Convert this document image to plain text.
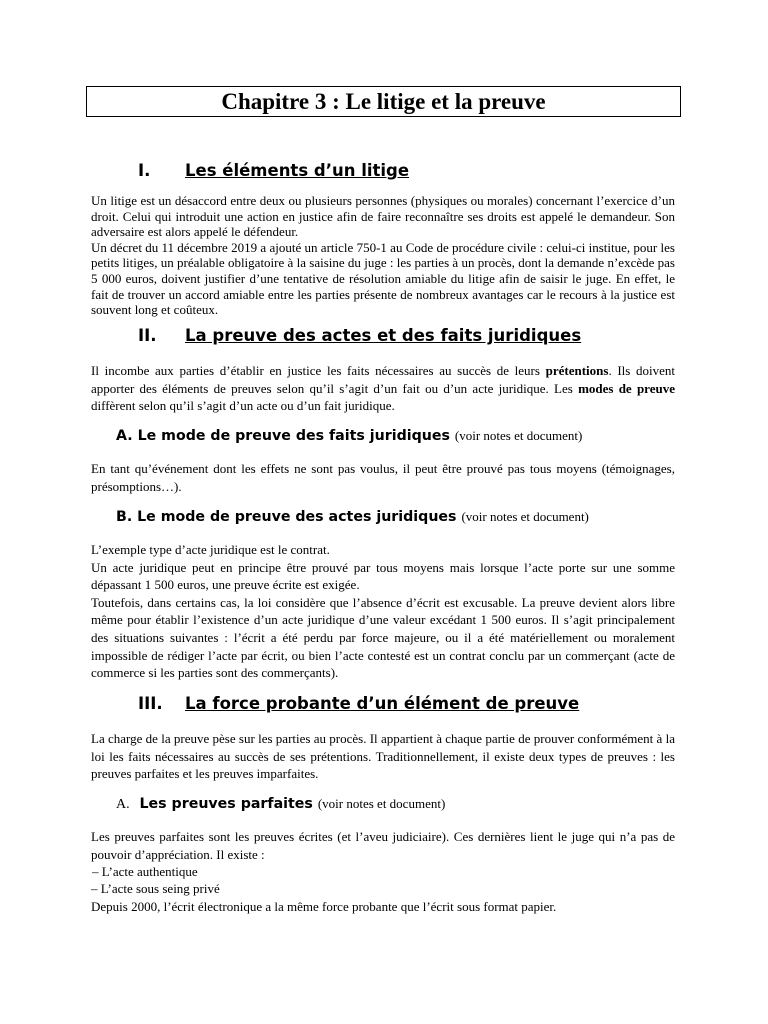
Chapitre 3 : Le litige et la preuve
I. Les éléments d’un litige

Un litige est un désaccord entre deux ou plusieurs personnes (physiques ou morales) concernant l’exercice d’un droit. Celui qui introduit une action en justice afin de faire reconnaître ses droits est appelé le demandeur. Son adversaire est alors appelé le défendeur.

Un décret du 11 décembre 2019 a ajouté un article 750-1 au Code de procédure civile : celui-ci institue, pour les petits litiges, un préalable obligatoire à la saisine du juge : les parties à un procès, dont la demande n’excède pas 5 000 euros, doivent justifier d’une tentative de résolution amiable du litige afin de saisir le juge. En effet, le fait de trouver un accord amiable entre les parties présente de nombreux avantages car le recours à la justice est souvent long et coûteux.

II. La preuve des actes et des faits juridiques

Il incombe aux parties d’établir en justice les faits nécessaires au succès de leurs prétentions. Ils doivent apporter des éléments de preuves selon qu’il s’agit d’un fait ou d’un acte juridique. Les modes de preuve diffèrent selon qu’il s’agit d’un acte ou d’un fait juridique.

A. Le mode de preuve des faits juridiques (voir notes et document)

En tant qu’événement dont les effets ne sont pas voulus, il peut être prouvé pas tous moyens (témoignages, présomptions…).

B. Le mode de preuve des actes juridiques (voir notes et document)

L’exemple type d’acte juridique est le contrat.

Un acte juridique peut en principe être prouvé par tous moyens mais lorsque l’acte porte sur une somme dépassant 1 500 euros, une preuve écrite est exigée.

Toutefois, dans certains cas, la loi considère que l’absence d’écrit est excusable. La preuve devient alors libre même pour établir l’existence d’un acte juridique d’une valeur excédant 1 500 euros. Il s’agit principalement des situations suivantes : l’écrit a été perdu par force majeure, ou il a été matériellement ou moralement impossible de rédiger l’acte par écrit, ou bien l’acte contesté est un contrat conclu par un commerçant (acte de commerce si les parties sont des commerçants).

III. La force probante d’un élément de preuve

La charge de la preuve pèse sur les parties au procès. Il appartient à chaque partie de prouver conformément à la loi les faits nécessaires au succès de ses prétentions. Traditionnellement, il existe deux types de preuves : les preuves parfaites et les preuves imparfaites.

A. Les preuves parfaites (voir notes et document)

Les preuves parfaites sont les preuves écrites (et l’aveu judiciaire). Ces dernières lient le juge qui n’a pas de pouvoir d’appréciation. Il existe :

– L’acte authentique
– L’acte sous seing privé
Depuis 2000, l’écrit électronique a la même force probante que l’écrit sous format papier.
